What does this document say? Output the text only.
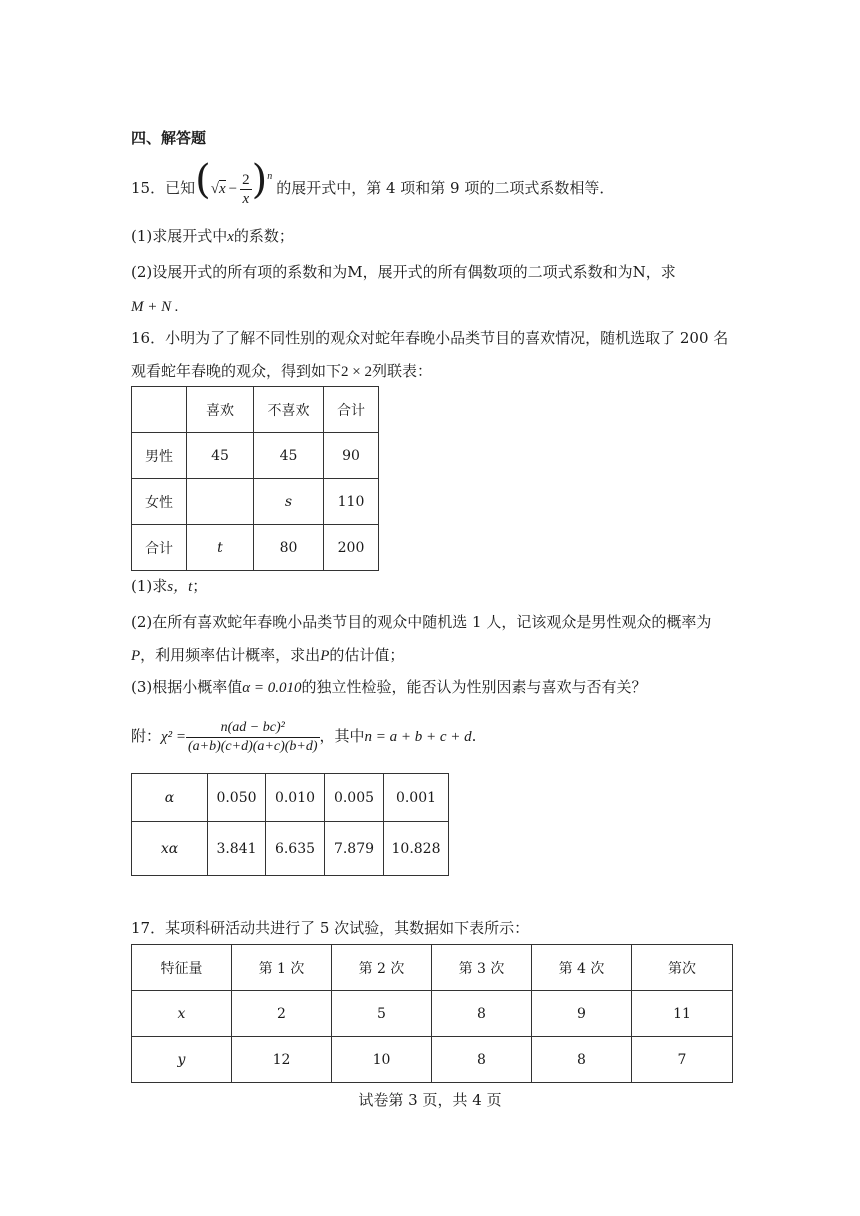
四、解答题
15．已知$(√x - \frac{2}{x} )^n$的展开式中，第 4 项和第 9 项的二项式系数相等．
(1)求展开式中x的系数；
(2)设展开式的所有项的系数和为M，展开式的所有偶数项的二项式系数和为N，求
M + N .
16．小明为了了解不同性别的观众对蛇年春晚小品类节目的喜欢情况，随机选取了 200 名
观看蛇年春晚的观众，得到如下2 × 2列联表：
	喜欢	不喜欢	合计
男性	45	45	90
女性		s	110
合计	t	80	200
(1)求s，t；
(2)在所有喜欢蛇年春晚小品类节目的观众中随机选 1 人，记该观众是男性观众的概率为
P，利用频率估计概率，求出P的估计值；
(3)根据小概率值α = 0.010的独立性检验，能否认为性别因素与喜欢与否有关？
附：$\chi^2 = \frac{\text{n(ad − bc)²}}{(a+b)(c+d)(a+c)(b+d)}$ ，其中n = a + b + c + d.
α	0.050	0.010	0.005	0.001
xα	3.841	6.635	7.879	10.828
17．某项科研活动共进行了 5 次试验，其数据如下表所示：
特征量	第 1 次	第 2 次	第 3 次	第 4 次	第次
x	2	5	8	9	11
y	12	10	8	8	7
试卷第 3 页，共 4 页
